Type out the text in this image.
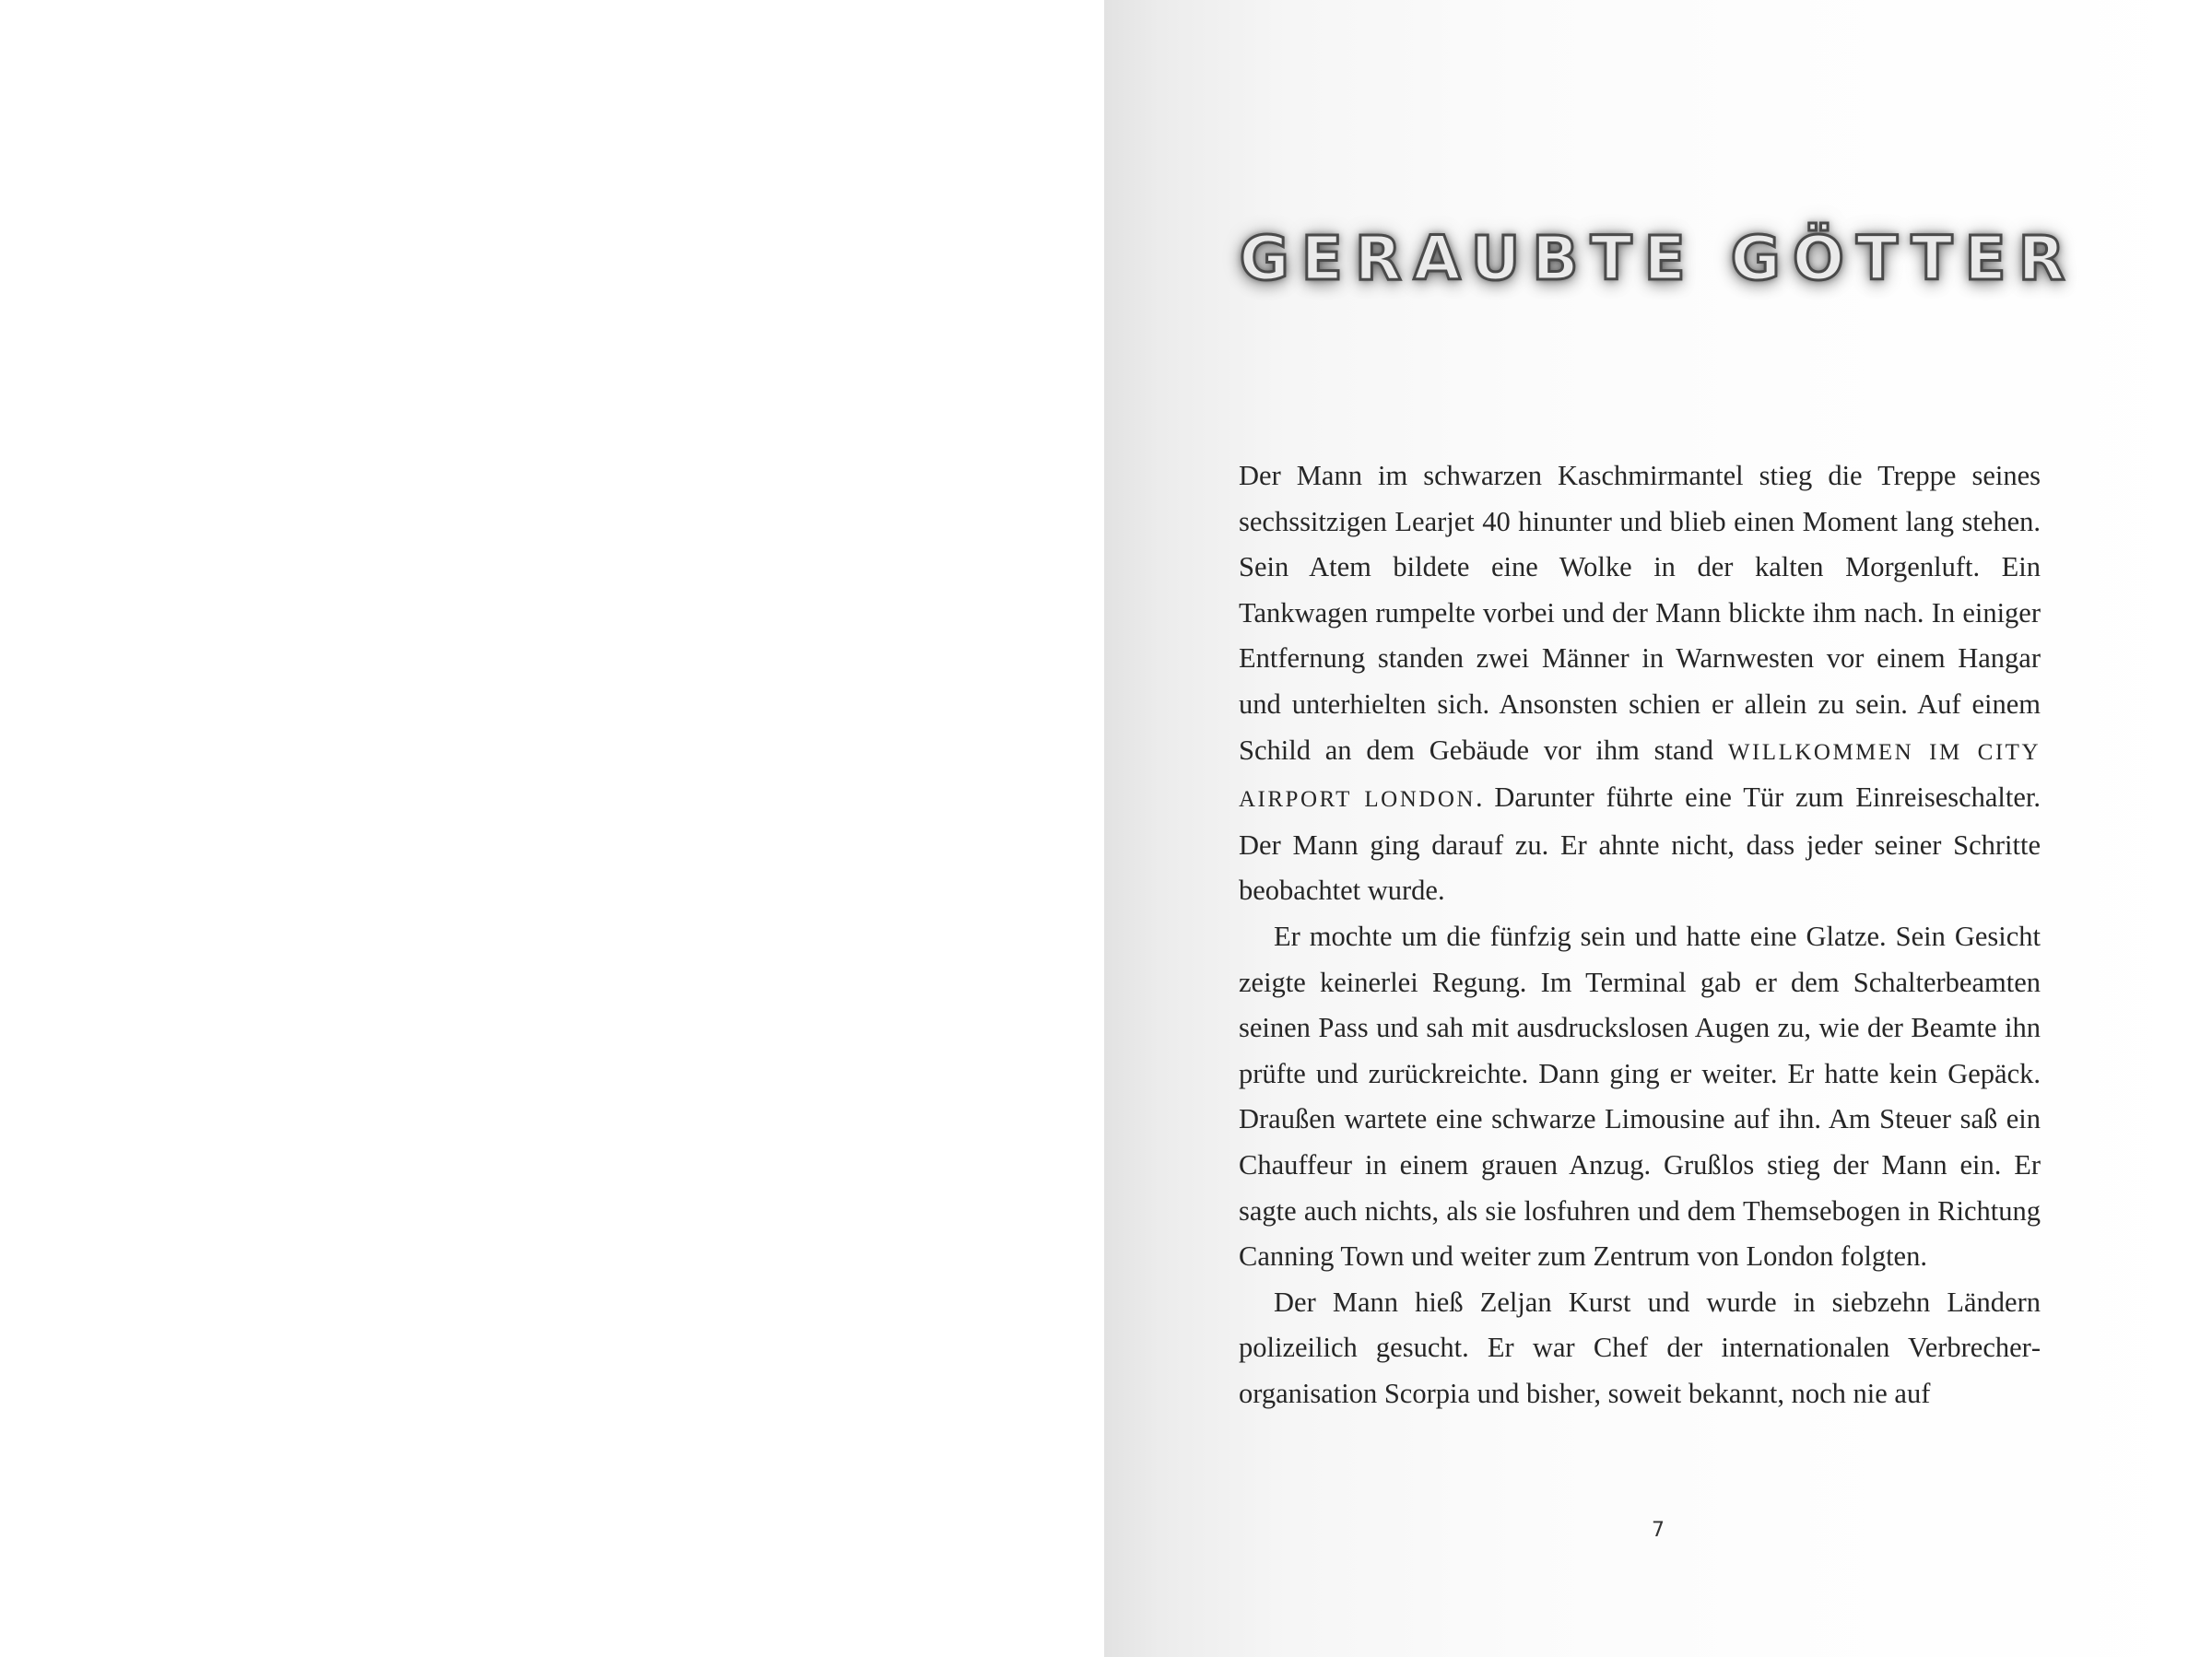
GERAUBTE GÖTTER

Der Mann im schwarzen Kaschmirmantel stieg die Treppe seines sechssitzigen Learjet 40 hinunter und blieb einen Moment lang stehen. Sein Atem bildete eine Wolke in der kalten Morgenluft. Ein Tankwagen rumpelte vorbei und der Mann blickte ihm nach. In einiger Entfernung standen zwei Männer in Warnwesten vor einem Hangar und unterhielten sich. Ansonsten schien er allein zu sein. Auf einem Schild an dem Gebäude vor ihm stand WILLKOMMEN IM CITY AIRPORT LONDON. Darunter führte eine Tür zum Einreiseschalter. Der Mann ging darauf zu. Er ahnte nicht, dass jeder seiner Schritte beobachtet wurde.

Er mochte um die fünfzig sein und hatte eine Glatze. Sein Gesicht zeigte keinerlei Regung. Im Terminal gab er dem Schalterbeamten seinen Pass und sah mit ausdruckslosen Augen zu, wie der Beamte ihn prüfte und zurückreichte. Dann ging er weiter. Er hatte kein Gepäck. Draußen wartete eine schwarze Limousine auf ihn. Am Steuer saß ein Chauffeur in einem grauen Anzug. Grußlos stieg der Mann ein. Er sagte auch nichts, als sie losfuhren und dem Themsebogen in Richtung Canning Town und weiter zum Zentrum von London folgten.

Der Mann hieß Zeljan Kurst und wurde in siebzehn Ländern polizeilich gesucht. Er war Chef der internationalen Verbrecherorganisation Scorpia und bisher, soweit bekannt, noch nie auf

7
